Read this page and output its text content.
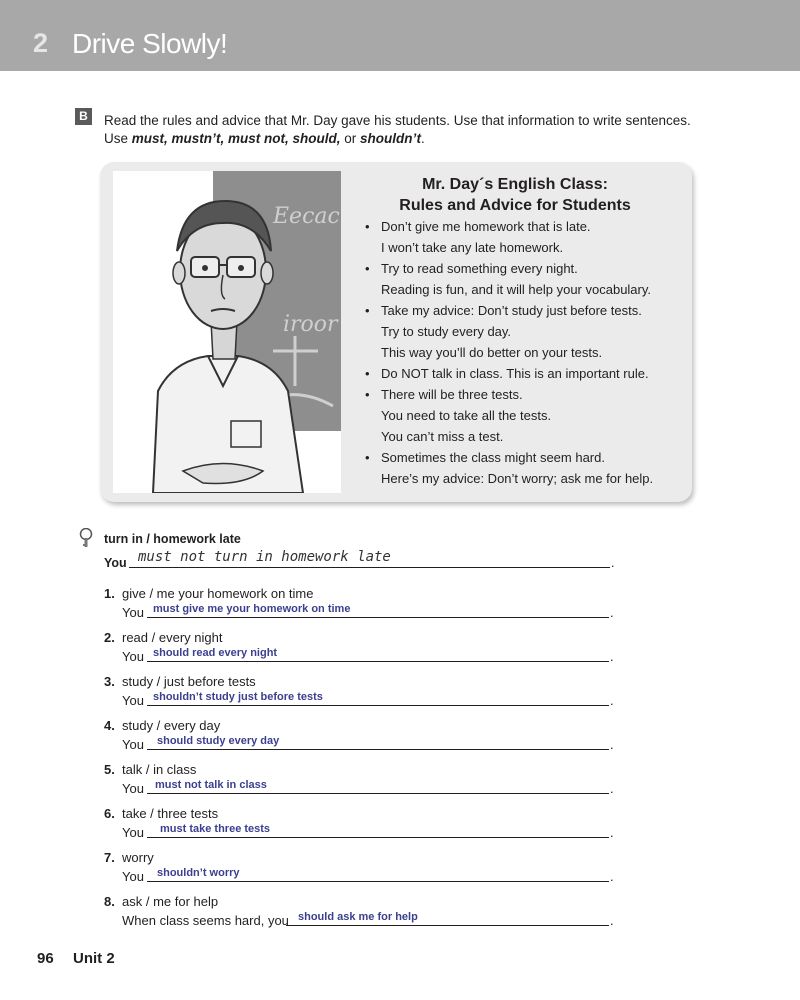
2 Drive Slowly!
B	Read the rules and advice that Mr. Day gave his students. Use that information to write sentences.
Use must, mustn’t, must not, should, or shouldn’t.
Eecac
iroor
Mr. Day´s English Class:
Rules and Advice for Students
• Don’t give me homework that is late.
I won’t take any late homework.
• Try to read something every night.
Reading is fun, and it will help your vocabulary.
• Take my advice: Don’t study just before tests.
Try to study every day.
This way you’ll do better on your tests.
• Do NOT talk in class. This is an important rule.
• There will be three tests.
You need to take all the tests.
You can’t miss a test.
• Sometimes the class might seem hard.
Here’s my advice: Don’t worry; ask me for help.
turn in / homework late
You must not turn in homework late	.
1. give / me your homework on time
You must give me your homework on time	.
2. read / every night
You should read every night	.
3. study / just before tests
You shouldn’t study just before tests	.
4. study / every day
You should study every day	.
5. talk / in class
You must not talk in class	.
6. take / three tests
You must take three tests	.
7. worry
You shouldn’t worry	.
8. ask / me for help
When class seems hard, you should ask me for help	.
96 Unit 2
